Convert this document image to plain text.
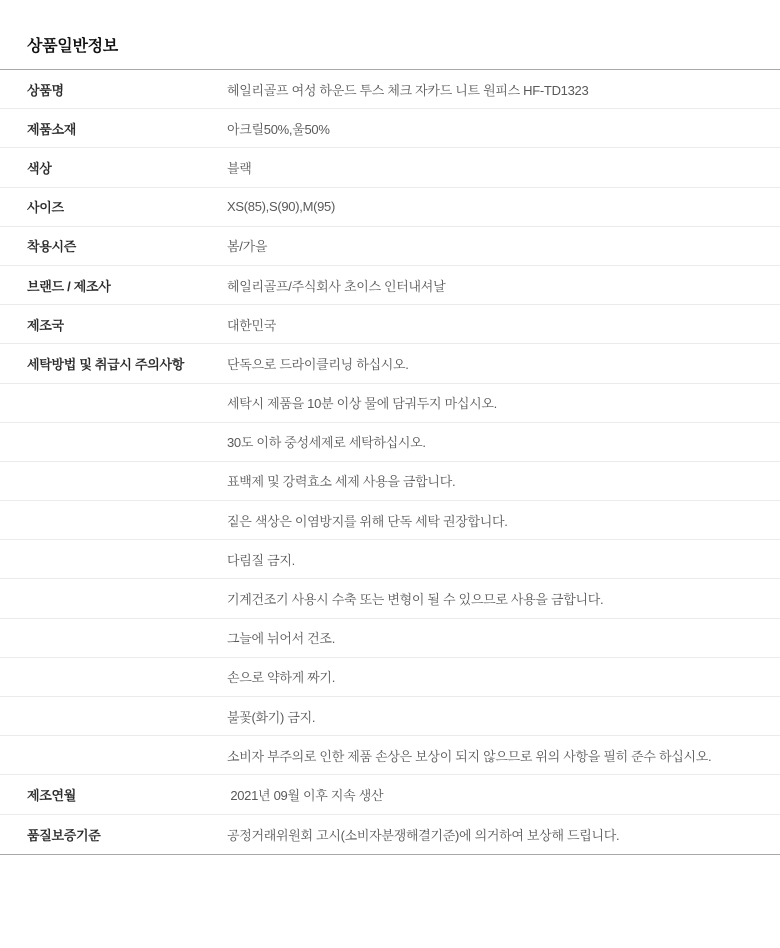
상품일반정보
상품명	헤일리골프 여성 하운드 투스 체크 자카드 니트 원피스 HF-TD1323
제품소재	아크릴50%,울50%
색상	블랙
사이즈	XS(85),S(90),M(95)
착용시즌	봄/가을
브랜드 / 제조사	헤일리골프/주식회사 초이스 인터내셔날
제조국	대한민국
세탁방법 및 취급시 주의사항	단독으로 드라이클리닝 하십시오.
세탁시 제품을 10분 이상 물에 담궈두지 마십시오.
30도 이하 중성세제로 세탁하십시오.
표백제 및 강력효소 세제 사용을 금합니다.
짙은 색상은 이염방지를 위해 단독 세탁 권장합니다.
다림질 금지.
기계건조기 사용시 수축 또는 변형이 될 수 있으므로 사용을 금합니다.
그늘에 뉘어서 건조.
손으로 약하게 짜기.
불꽃(화기) 금지.
소비자 부주의로 인한 제품 손상은 보상이 되지 않으므로 위의 사항을 필히 준수 하십시오.
제조연월	2021년 09월 이후 지속 생산
품질보증기준	공정거래위원회 고시(소비자분쟁해결기준)에 의거하여 보상해 드립니다.
